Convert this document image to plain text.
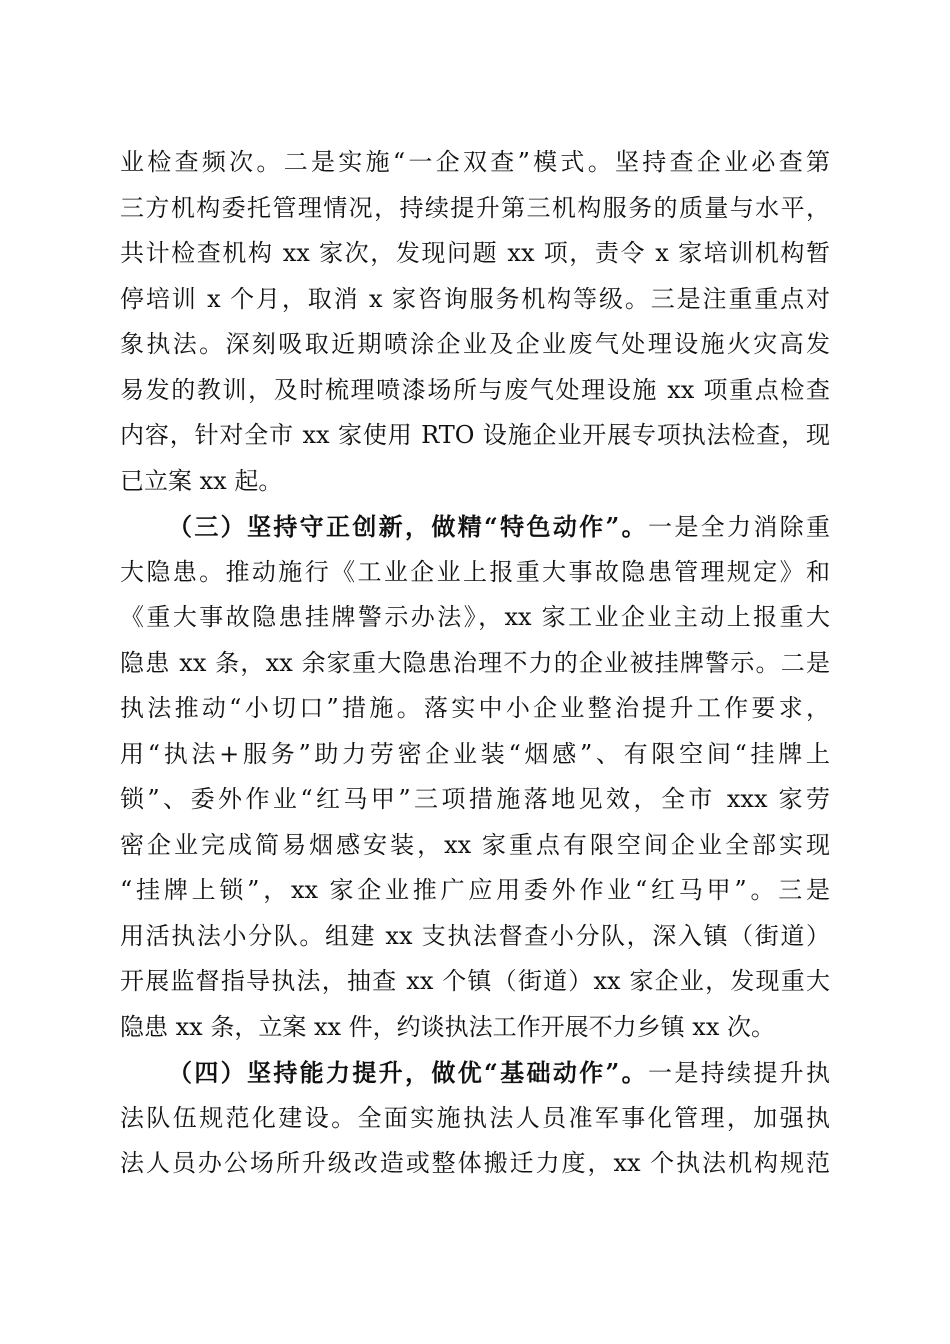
业检查频次。二是实施“一企双查”模式。坚持查企业必查第
三方机构委托管理情况，持续提升第三机构服务的质量与水平，
共计检查机构 xx 家次，发现问题 xx 项，责令 x 家培训机构暂
停培训 x 个月，取消 x 家咨询服务机构等级。三是注重重点对
象执法。深刻吸取近期喷涂企业及企业废气处理设施火灾高发
易发的教训，及时梳理喷漆场所与废气处理设施 xx 项重点检查
内容，针对全市 xx 家使用 RTO 设施企业开展专项执法检查，现
已立案 xx 起。
（三）坚持守正创新，做精“特色动作”。一是全力消除重
大隐患。推动施行《工业企业上报重大事故隐患管理规定》和
《重大事故隐患挂牌警示办法》，xx 家工业企业主动上报重大
隐患 xx 条，xx 余家重大隐患治理不力的企业被挂牌警示。二是
执法推动“小切口”措施。落实中小企业整治提升工作要求，
用“执法+服务”助力劳密企业装“烟感”、有限空间“挂牌上
锁”、委外作业“红马甲”三项措施落地见效，全市 xxx 家劳
密企业完成简易烟感安装，xx 家重点有限空间企业全部实现
“挂牌上锁”，xx 家企业推广应用委外作业“红马甲”。三是
用活执法小分队。组建 xx 支执法督查小分队，深入镇（街道）
开展监督指导执法，抽查 xx 个镇（街道）xx 家企业，发现重大
隐患 xx 条，立案 xx 件，约谈执法工作开展不力乡镇 xx 次。
（四）坚持能力提升，做优“基础动作”。一是持续提升执
法队伍规范化建设。全面实施执法人员准军事化管理，加强执
法人员办公场所升级改造或整体搬迁力度，xx 个执法机构规范
